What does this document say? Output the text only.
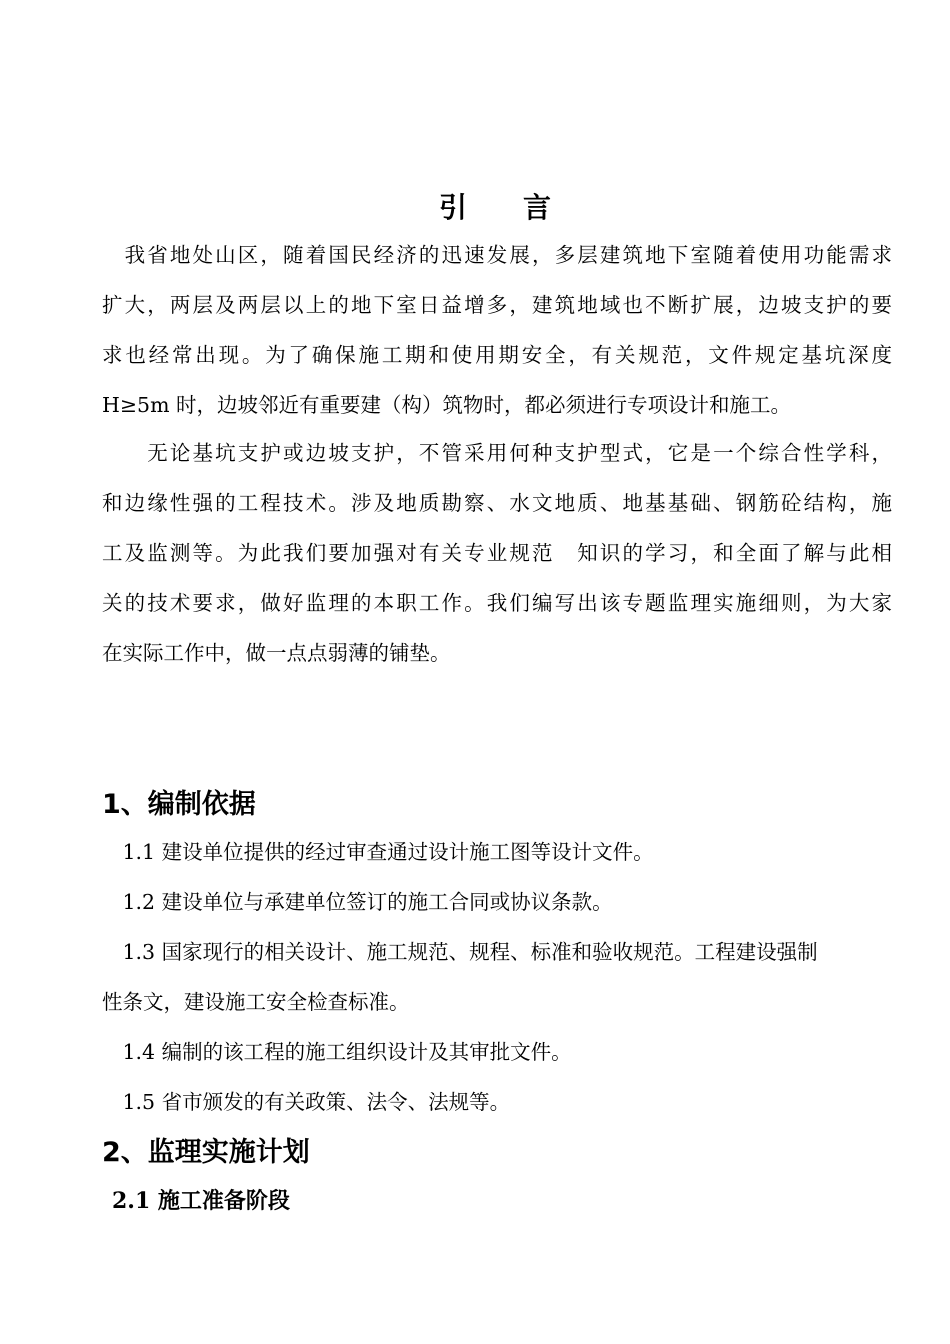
引 言
　我省地处山区，随着国民经济的迅速发展，多层建筑地下室随着使用功能需求
扩大，两层及两层以上的地下室日益增多，建筑地域也不断扩展，边坡支护的要
求也经常出现。为了确保施工期和使用期安全，有关规范，文件规定基坑深度
H≥5m 时，边坡邻近有重要建（构）筑物时，都必须进行专项设计和施工。
　　无论基坑支护或边坡支护，不管采用何种支护型式，它是一个综合性学科，
和边缘性强的工程技术。涉及地质勘察、水文地质、地基基础、钢筋砼结构，施
工及监测等。为此我们要加强对有关专业规范　知识的学习，和全面了解与此相
关的技术要求，做好监理的本职工作。我们编写出该专题监理实施细则，为大家
在实际工作中，做一点点弱薄的铺垫。
1、编制依据
　1.1 建设单位提供的经过审查通过设计施工图等设计文件。
　1.2 建设单位与承建单位签订的施工合同或协议条款。
　1.3 国家现行的相关设计、施工规范、规程、标准和验收规范。工程建设强制
性条文，建设施工安全检查标准。
　1.4 编制的该工程的施工组织设计及其审批文件。
　1.5 省市颁发的有关政策、法令、法规等。
2、监理实施计划
2.1 施工准备阶段
